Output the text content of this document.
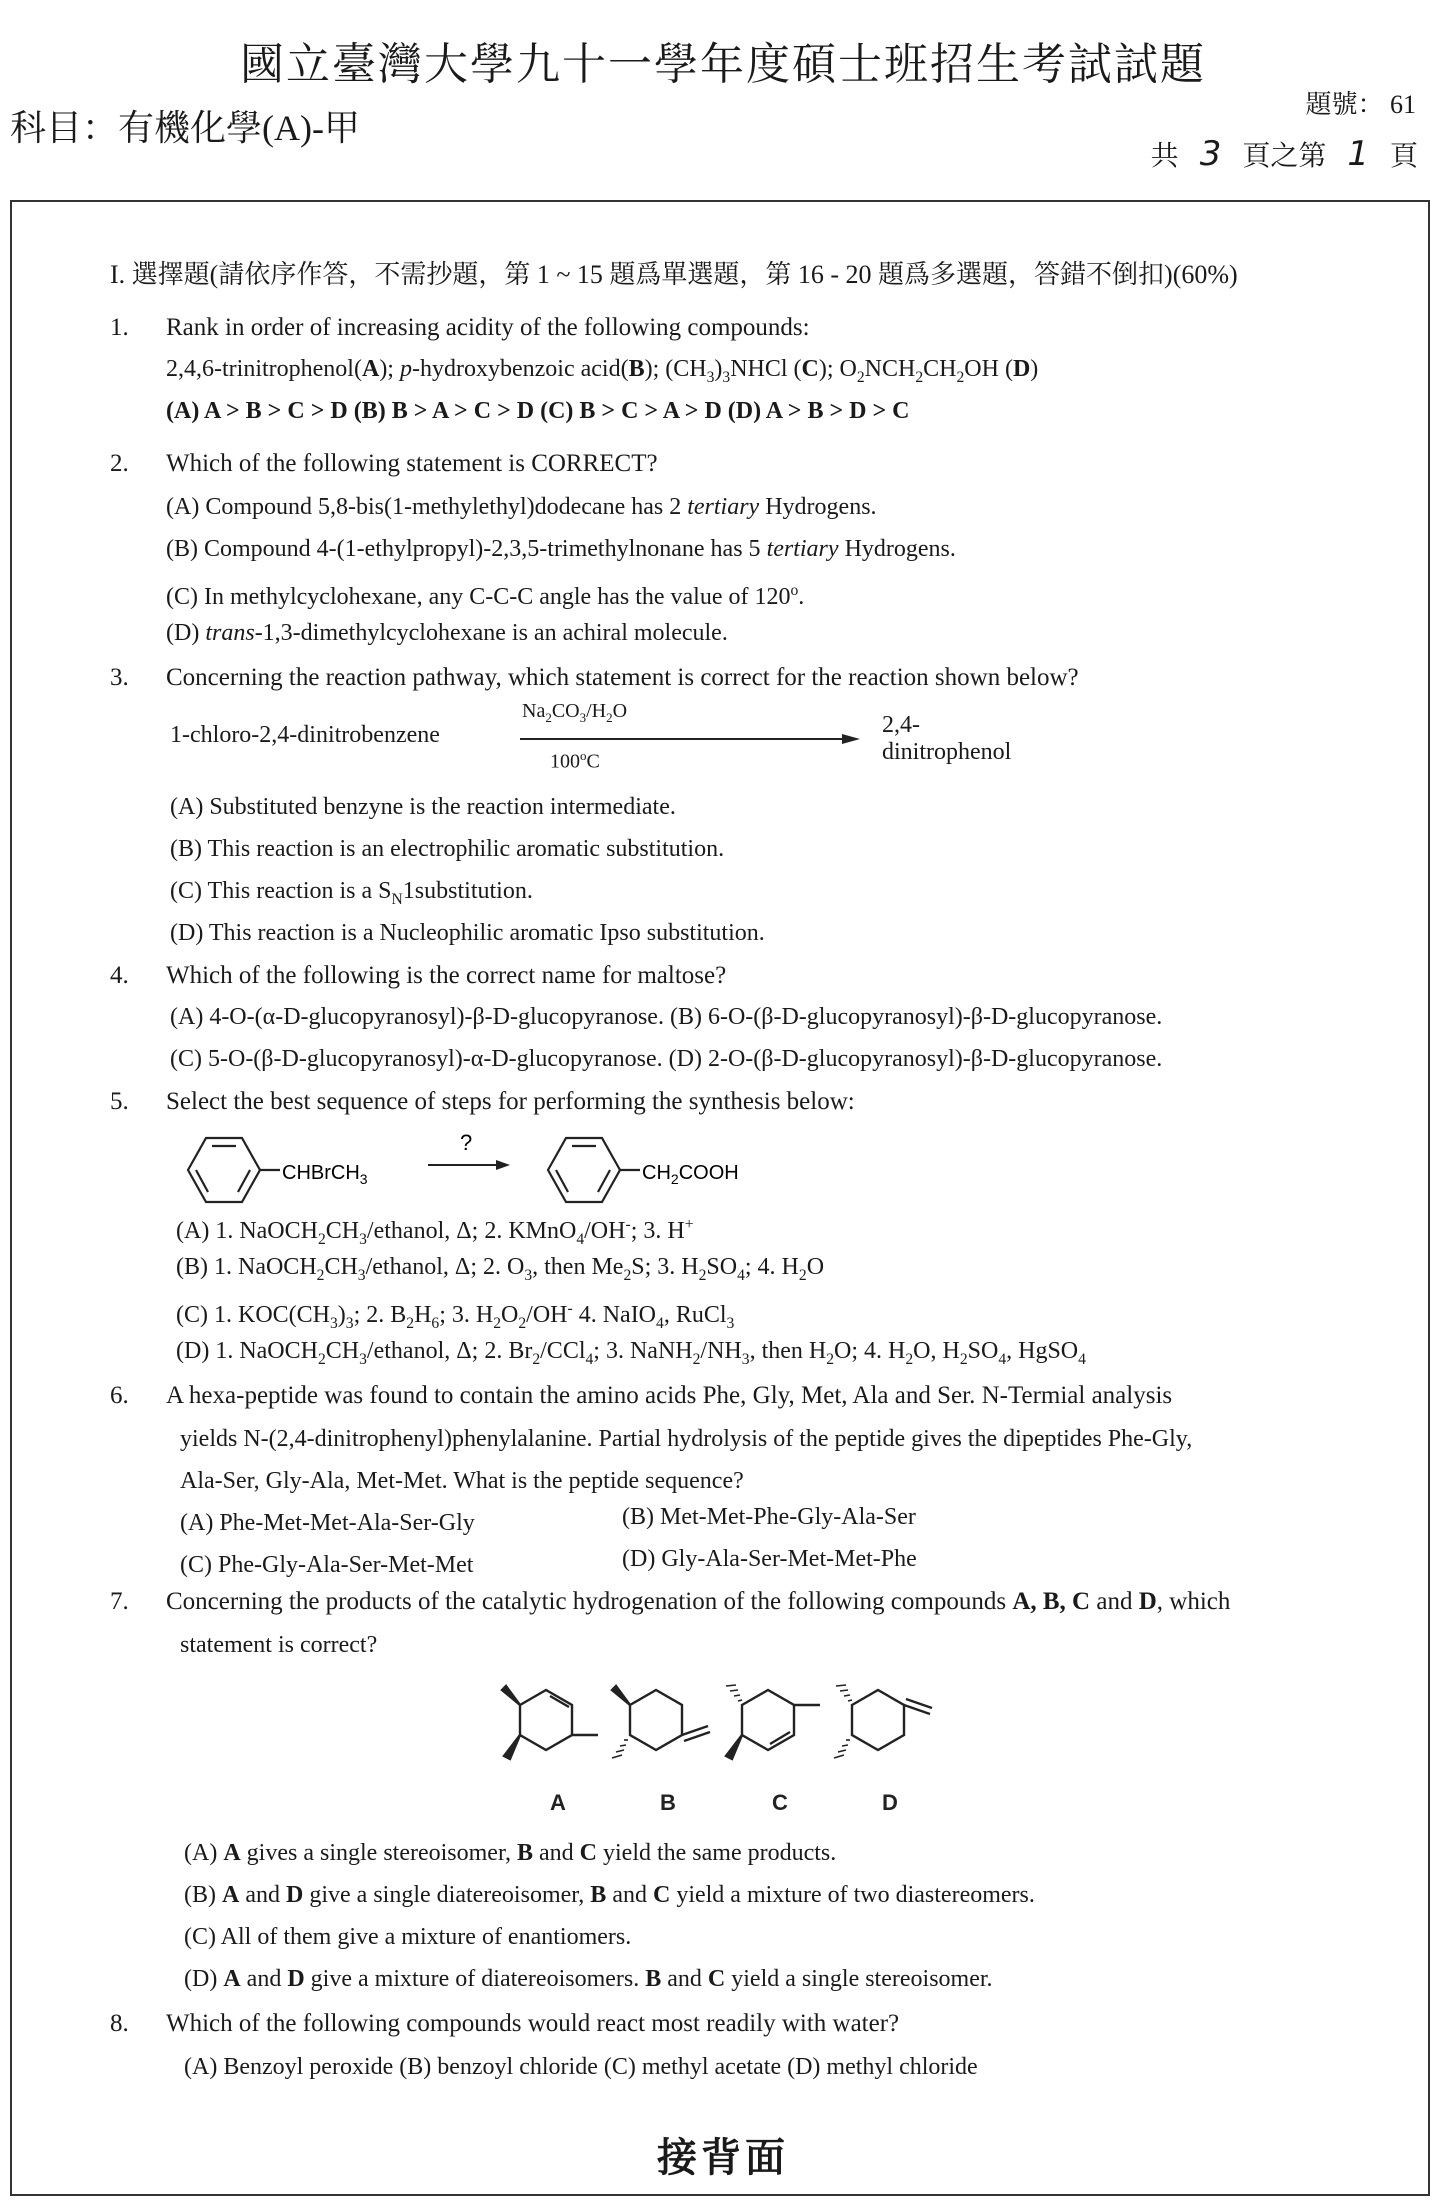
國立臺灣大學九十一學年度碩士班招生考試試題
科目：有機化學(A)-甲
題號： 61
共 3 頁之第 1 頁
I. 選擇題(請依序作答，不需抄題，第 1 ~ 15 題爲單選題，第 16 - 20 題爲多選題，答錯不倒扣)(60%)
1. Rank in order of increasing acidity of the following compounds:
2,4,6-trinitrophenol(A); p-hydroxybenzoic acid(B); $(CH_3)_3NHCl$ (C); $O_2NCH_2CH_2OH$ (D)
(A) A > B > C > D (B) B > A > C > D (C) B > C > A > D (D) A > B > D > C
2. Which of the following statement is CORRECT?
(A) Compound 5,8-bis(1-methylethyl)dodecane has 2 tertiary Hydrogens.
(B) Compound 4-(1-ethylpropyl)-2,3,5-trimethylnonane has 5 tertiary Hydrogens.
(C) In methylcyclohexane, any C-C-C angle has the value of 120$^o$.
(D) trans-1,3-dimethylcyclohexane is an achiral molecule.
3. Concerning the reaction pathway, which statement is correct for the reaction shown below?
1-chloro-2,4-dinitrobenzene
$Na_2CO_3/H_2O$
100$^o$C
2,4-dinitrophenol
(A) Substituted benzyne is the reaction intermediate.
(B) This reaction is an electrophilic aromatic substitution.
(C) This reaction is a $S_N1substitution$.
(D) This reaction is a Nucleophilic aromatic Ipso substitution.
4. Which of the following is the correct name for maltose?
(A) 4-O-(α-D-glucopyranosyl)-β-D-glucopyranose. (B) 6-O-(β-D-glucopyranosyl)-β-D-glucopyranose.
(C) 5-O-(β-D-glucopyranosyl)-α-D-glucopyranose. (D) 2-O-(β-D-glucopyranosyl)-β-D-glucopyranose.
5. Select the best sequence of steps for performing the synthesis below:
CHBrCH$_3$
?
$CH_2COOH$
(A) 1. $NaOCH_2CH_3$/ethanol, Δ; 2. KMnO$_4$/OH-; 3. H+
(B) 1. $NaOCH_2CH_3$/ethanol, Δ; 2. $O_3$, then $Me_2S$; 3. $H_2SO_4$; 4. $H_2O$
(C) 1. $KOC(CH_3)_3$; 2. $B_2H_6$; 3. $H_2O_2/OH^-$ 4. NaIO$_4$, RuCl$_3$
(D) 1. $NaOCH_2CH_3$/ethanol, Δ; 2. $Br_2/CCl_4$; 3. $NaNH_2/NH_3$, then $H_2O$; 4. $H_2O$, $H_2SO_4$, HgSO$_4$
6. A hexa-peptide was found to contain the amino acids Phe, Gly, Met, Ala and Ser. N-Termial analysis
yields N-(2,4-dinitrophenyl)phenylalanine. Partial hydrolysis of the peptide gives the dipeptides Phe-Gly,
Ala-Ser, Gly-Ala, Met-Met. What is the peptide sequence?
(A) Phe-Met-Met-Ala-Ser-Gly	(B) Met-Met-Phe-Gly-Ala-Ser
(C) Phe-Gly-Ala-Ser-Met-Met	(D) Gly-Ala-Ser-Met-Met-Phe
7. Concerning the products of the catalytic hydrogenation of the following compounds A, B, C and D, which
statement is correct?
A	B	C	D
(A) A gives a single stereoisomer, B and C yield the same products.
(B) A and D give a single diatereoisomer, B and C yield a mixture of two diastereomers.
(C) All of them give a mixture of enantiomers.
(D) A and D give a mixture of diatereoisomers. B and C yield a single stereoisomer.
8. Which of the following compounds would react most readily with water?
(A) Benzoyl peroxide (B) benzoyl chloride (C) methyl acetate (D) methyl chloride
接背面
